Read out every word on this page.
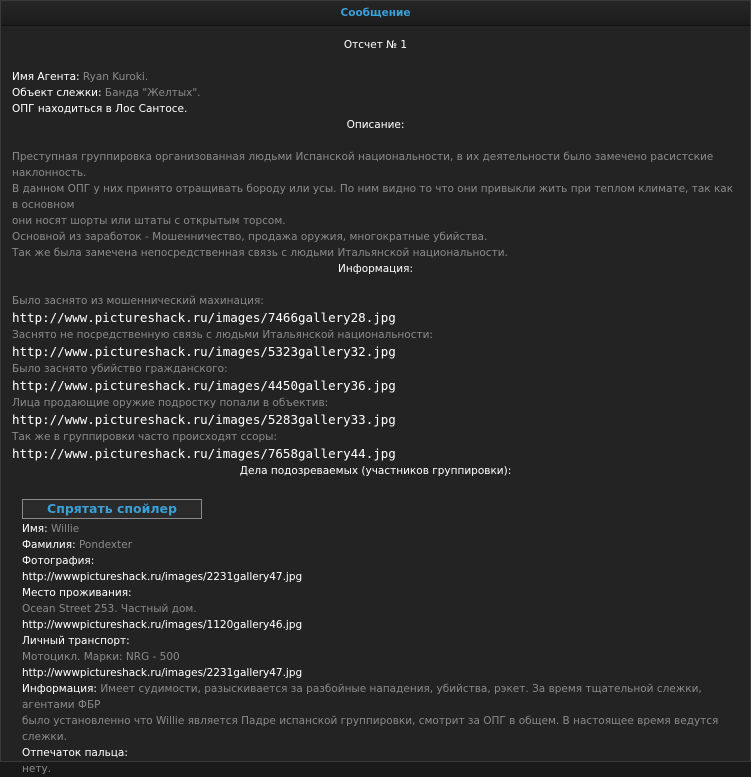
Сообщение
Отсчет № 1
Имя Агента: Ryan Kuroki.
Объект слежки: Банда "Желтых".
ОПГ находиться в Лос Сантосе.
Описание:
Преступная группировка организованная людьми Испанской национальности, в их деятельности было замечено расистские наклонность.
В данном ОПГ у них принято отращивать бороду или усы. По ним видно то что они привыкли жить при теплом климате, так как в основном
они носят шорты или штаты с открытым торсом.
Основной из заработок - Мошенничество, продажа оружия, многократные убийства.
Так же была замечена непосредственная связь с людьми Итальянской национальности.
Информация:
Было заснято из мошеннический махинация:
http://www.pictureshack.ru/images/7466gallery28.jpg
Заснято не посредственную связь с людьми Итальянской национальности:
http://www.pictureshack.ru/images/5323gallery32.jpg
Было заснято убийство гражданского:
http://www.pictureshack.ru/images/4450gallery36.jpg
Лица продающие оружие подростку попали в объектив:
http://www.pictureshack.ru/images/5283gallery33.jpg
Так же в группировки часто происходят ссоры:
http://www.pictureshack.ru/images/7658gallery44.jpg
Дела подозреваемых (участников группировки):
Спрятать спойлер
Имя: Willie
Фамилия: Pondexter
Фотография:
http://wwwpictureshack.ru/images/2231gallery47.jpg
Место проживания:
Ocean Street 253. Частный дом.
http://wwwpictureshack.ru/images/1120gallery46.jpg
Личный транспорт:
Мотоцикл. Марки: NRG - 500
http://wwwpictureshack.ru/images/2231gallery47.jpg
Информация: Имеет судимости, разыскивается за разбойные нападения, убийства, рэкет. За время тщательной слежки, агентами ФБР
было установленно что Willie является Падре испанской группировки, смотрит за ОПГ в общем. В настоящее время ведутся слежки.
Отпечаток пальца:
нету.
